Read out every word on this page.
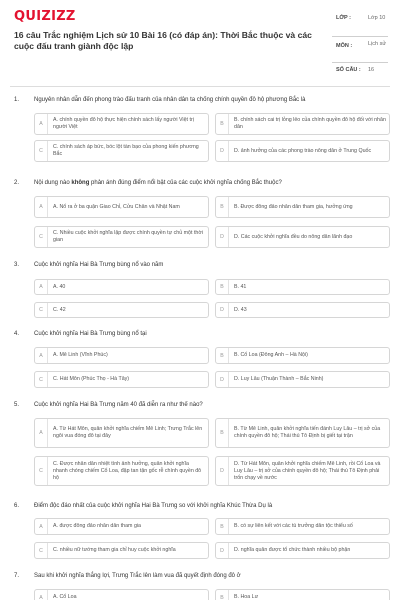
QUIZIZZ
16 câu Trắc nghiệm Lịch sử 10 Bài 16 (có đáp án): Thời Bắc thuộc và các cuộc đấu tranh giành độc lập
LỚP :	Lớp 10
MÔN :	Lịch sử
SỐ CÂU : 16
1. Nguyên nhân dẫn đến phong trào đấu tranh của nhân dân ta chống chính quyền đô hộ phương Bắc là
A
A. chính quyền đô hộ thực hiện chính sách lấy người Việt trị người Việt	B
B. chính sách cai trị lỏng lẻo của chính quyền đô hộ đối với nhân dân
C
C. chính sách áp bức, bóc lột tàn bạo của phong kiến phương Bắc	D	D. ảnh hưởng của các phong trào nông dân ở Trung Quốc
2. Nội dung nào không phản ánh đúng điểm nổi bật của các cuộc khởi nghĩa chống Bắc thuộc?
A	A. Nổ ra ở ba quận Giao Chỉ, Cửu Chân và Nhật Nam	B	B. Được đông đảo nhân dân tham gia, hưởng ứng
C
C. Nhiều cuộc khởi nghĩa lập được chính quyền tự chủ một thời gian	D	D. Các cuộc khởi nghĩa đều do nông dân lãnh đạo
3. Cuộc khởi nghĩa Hai Bà Trưng bùng nổ vào năm
A	A. 40	B	B. 41
C	C. 42	D	D. 43
4. Cuộc khởi nghĩa Hai Bà Trưng bùng nổ tại
A	A. Mê Linh (Vĩnh Phúc)	B	B. Cổ Loa (Đông Anh – Hà Nội)
C	C. Hát Môn (Phúc Thọ - Hà Tây)	D	D. Luy Lâu (Thuận Thành – Bắc Ninh)
5. Cuộc khởi nghĩa Hai Bà Trưng năm 40 đã diễn ra như thế nào?
A
A. Từ Hát Môn, quân khởi nghĩa chiếm Mê Linh; Trưng Trắc lên ngôi vua đóng đô tại đây	B
B. Từ Mê Linh, quân khởi nghĩa tiến đánh Luy Lâu – trị sở của chính quyền đô hộ; Thái thú Tô Định bị giết tại trận
C
C. Được nhân dân nhiệt tình ảnh hưởng, quân khởi nghĩa nhanh chóng chiếm Cổ Loa, đập tan tận gốc rễ chính quyền đô hộ
D
D. Từ Hát Môn, quân khởi nghĩa chiếm Mê Linh, rồi Cổ Loa và Luy Lâu – trị sở của chính quyền đô hộ; Thái thú Tô Định phải trốn chạy về nước
6. Điểm độc đáo nhất của cuộc khởi nghĩa Hai Bà Trưng so với khởi nghĩa Khúc Thừa Dụ là
A	A. được đông đảo nhân dân tham gia	B	B. có sự liên kết với các tù trưởng dân tộc thiểu số
C	C. nhiều nữ tướng tham gia chỉ huy cuộc khởi nghĩa	D	D. nghĩa quân được tổ chức thành nhiều bộ phận
7. Sau khi khởi nghĩa thắng lợi, Trưng Trắc lên làm vua đã quyết định đóng đô ở
A	A. Cổ Loa	B	B. Hoa Lư
